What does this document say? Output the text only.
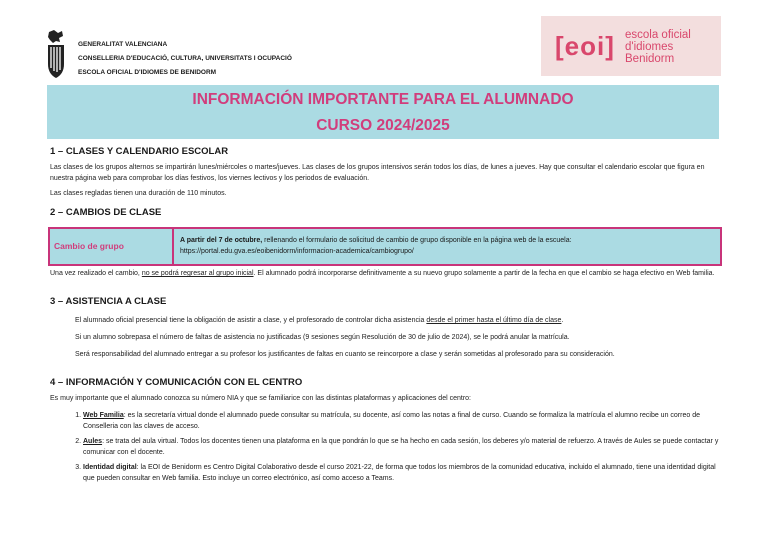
GENERALITAT VALENCIANA
CONSELLERIA D'EDUCACIÓ, CULTURA, UNIVERSITATS I OCUPACIÓ
ESCOLA OFICIAL D'IDIOMES DE BENIDORM
[eoi] escola oficial
d'idiomes
Benidorm
INFORMACIÓN IMPORTANTE PARA EL ALUMNADO
CURSO 2024/2025
1 – CLASES Y CALENDARIO ESCOLAR
Las clases de los grupos alternos se impartirán lunes/miércoles o martes/jueves. Las clases de los grupos intensivos serán todos los días, de lunes a jueves. Hay que consultar el calendario escolar que figura en nuestra página web para comprobar los días festivos, los viernes lectivos y los periodos de evaluación.
Las clases regladas tienen una duración de 110 minutos.
2 – CAMBIOS DE CLASE
Cambio de grupo
A partir del 7 de octubre, rellenando el formulario de solicitud de cambio de grupo disponible en la página web de la escuela:
https://portal.edu.gva.es/eoibenidorm/informacion-academica/cambiogrupo/
Una vez realizado el cambio, no se podrá regresar al grupo inicial. El alumnado podrá incorporarse definitivamente a su nuevo grupo solamente a partir de la fecha en que el cambio se haga efectivo en Web familia.
3 – ASISTENCIA A CLASE
El alumnado oficial presencial tiene la obligación de asistir a clase, y el profesorado de controlar dicha asistencia desde el primer hasta el último día de clase.
Si un alumno sobrepasa el número de faltas de asistencia no justificadas (9 sesiones según Resolución de 30 de julio de 2024), se le podrá anular la matrícula.
Será responsabilidad del alumnado entregar a su profesor los justificantes de faltas en cuanto se reincorpore a clase y serán sometidas al profesorado para su consideración.
4 – INFORMACIÓN Y COMUNICACIÓN CON EL CENTRO
Es muy importante que el alumnado conozca su número NIA y que se familiarice con las distintas plataformas y aplicaciones del centro:
1. Web Familia: es la secretaría virtual donde el alumnado puede consultar su matrícula, su docente, así como las notas a final de curso. Cuando se formaliza la matrícula el alumno recibe un correo de Conselleria con las claves de acceso.
2. Aules: se trata del aula virtual. Todos los docentes tienen una plataforma en la que pondrán lo que se ha hecho en cada sesión, los deberes y/o material de refuerzo. A través de Aules se puede contactar y comunicar con el docente.
3. Identidad digital: la EOI de Benidorm es Centro Digital Colaborativo desde el curso 2021-22, de forma que todos los miembros de la comunidad educativa, incluido el alumnado, tiene una identidad digital que pueden consultar en Web familia. Esto incluye un correo electrónico, así como acceso a Teams.
